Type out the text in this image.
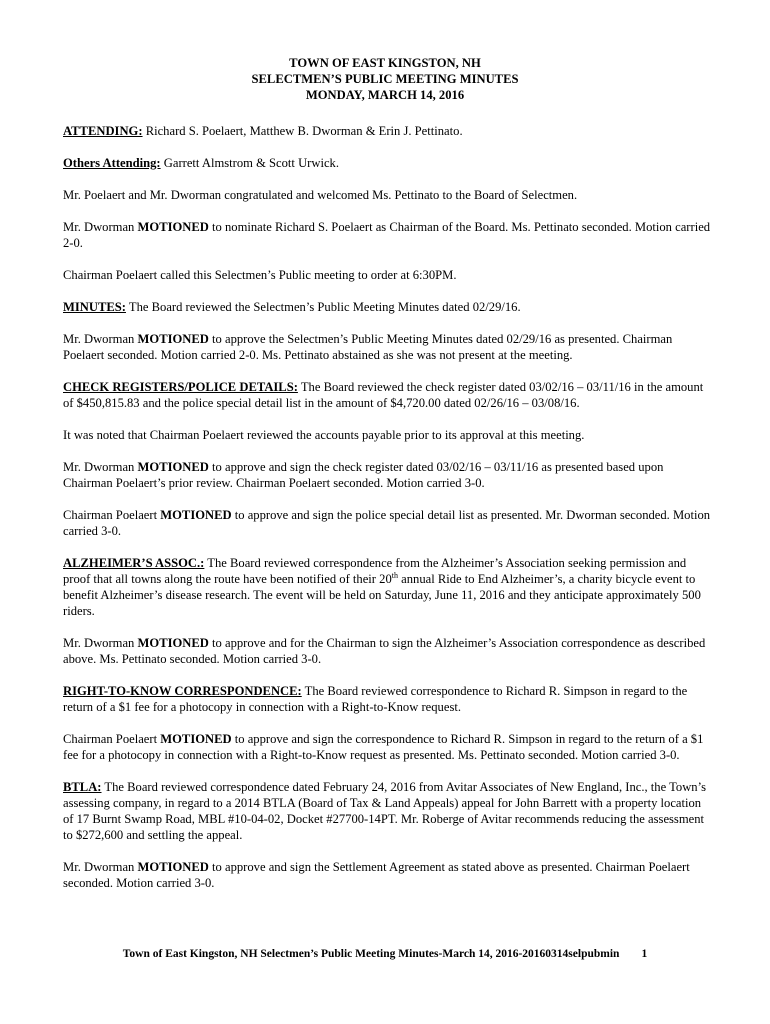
TOWN OF EAST KINGSTON, NH
SELECTMEN’S PUBLIC MEETING MINUTES
MONDAY, MARCH 14, 2016

ATTENDING: Richard S. Poelaert, Matthew B. Dworman & Erin J. Pettinato.

Others Attending: Garrett Almstrom & Scott Urwick.

Mr. Poelaert and Mr. Dworman congratulated and welcomed Ms. Pettinato to the Board of Selectmen.

Mr. Dworman MOTIONED to nominate Richard S. Poelaert as Chairman of the Board. Ms. Pettinato seconded. Motion carried 2-0.

Chairman Poelaert called this Selectmen’s Public meeting to order at 6:30PM.

MINUTES: The Board reviewed the Selectmen’s Public Meeting Minutes dated 02/29/16.

Mr. Dworman MOTIONED to approve the Selectmen’s Public Meeting Minutes dated 02/29/16 as presented. Chairman Poelaert seconded. Motion carried 2-0. Ms. Pettinato abstained as she was not present at the meeting.

CHECK REGISTERS/POLICE DETAILS: The Board reviewed the check register dated 03/02/16 – 03/11/16 in the amount of $450,815.83 and the police special detail list in the amount of $4,720.00 dated 02/26/16 – 03/08/16.

It was noted that Chairman Poelaert reviewed the accounts payable prior to its approval at this meeting.

Mr. Dworman MOTIONED to approve and sign the check register dated 03/02/16 – 03/11/16 as presented based upon Chairman Poelaert’s prior review. Chairman Poelaert seconded. Motion carried 3-0.

Chairman Poelaert MOTIONED to approve and sign the police special detail list as presented. Mr. Dworman seconded. Motion carried 3-0.

ALZHEIMER’S ASSOC.: The Board reviewed correspondence from the Alzheimer’s Association seeking permission and proof that all towns along the route have been notified of their 20th annual Ride to End Alzheimer’s, a charity bicycle event to benefit Alzheimer’s disease research. The event will be held on Saturday, June 11, 2016 and they anticipate approximately 500 riders.

Mr. Dworman MOTIONED to approve and for the Chairman to sign the Alzheimer’s Association correspondence as described above. Ms. Pettinato seconded. Motion carried 3-0.

RIGHT-TO-KNOW CORRESPONDENCE: The Board reviewed correspondence to Richard R. Simpson in regard to the return of a $1 fee for a photocopy in connection with a Right-to-Know request.

Chairman Poelaert MOTIONED to approve and sign the correspondence to Richard R. Simpson in regard to the return of a $1 fee for a photocopy in connection with a Right-to-Know request as presented. Ms. Pettinato seconded. Motion carried 3-0.

BTLA: The Board reviewed correspondence dated February 24, 2016 from Avitar Associates of New England, Inc., the Town’s assessing company, in regard to a 2014 BTLA (Board of Tax & Land Appeals) appeal for John Barrett with a property location of 17 Burnt Swamp Road, MBL #10-04-02, Docket #27700-14PT. Mr. Roberge of Avitar recommends reducing the assessment to $272,600 and settling the appeal.

Mr. Dworman MOTIONED to approve and sign the Settlement Agreement as stated above as presented. Chairman Poelaert seconded. Motion carried 3-0.

Town of East Kingston, NH Selectmen’s Public Meeting Minutes-March 14, 2016-20160314selpubmin 1
